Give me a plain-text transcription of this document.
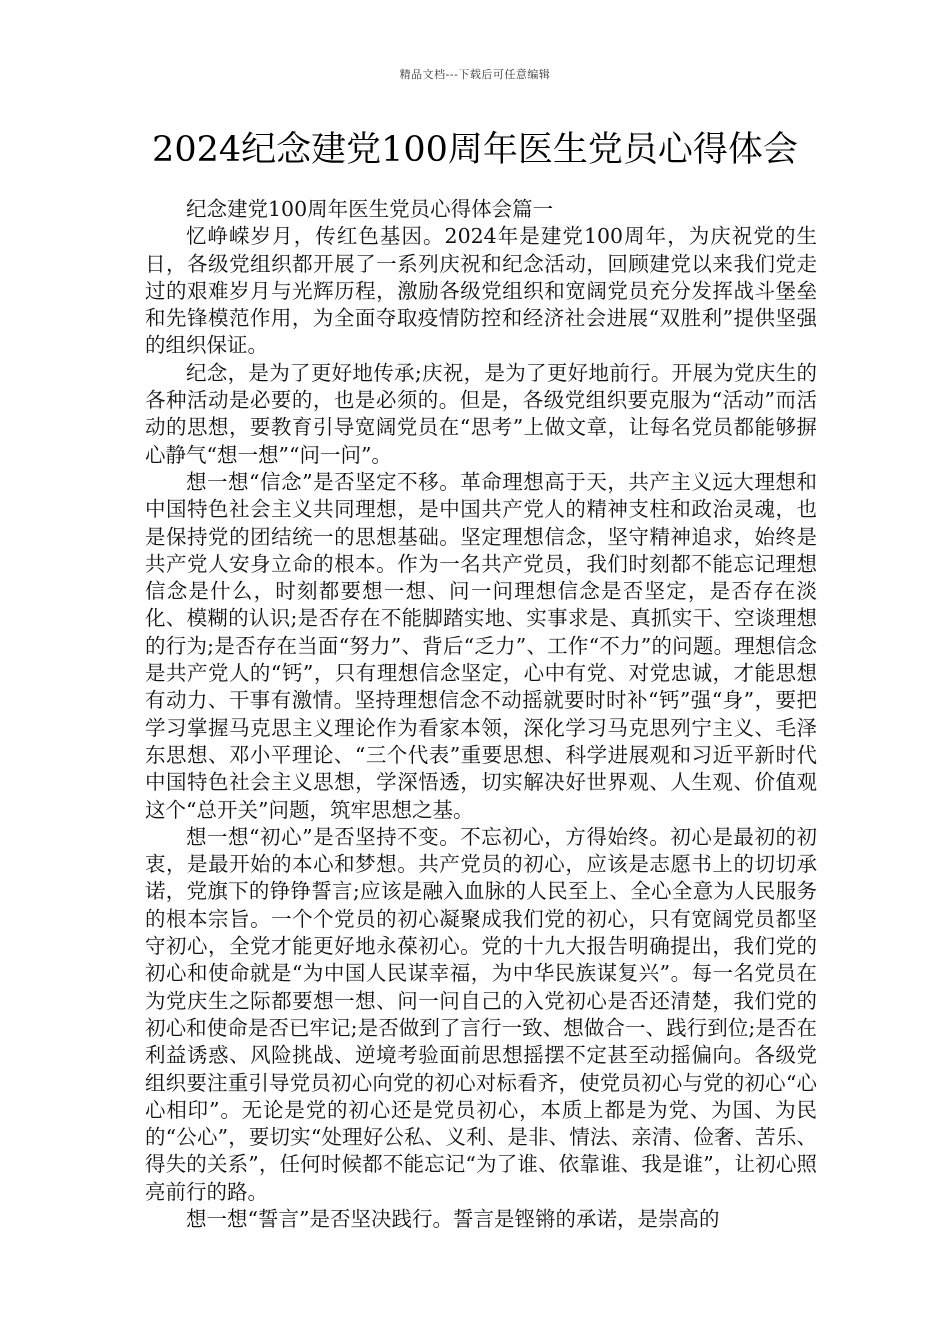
精品文档---下载后可任意编辑
2024纪念建党100周年医生党员心得体会

纪念建党100周年医生党员心得体会篇一

忆峥嵘岁月，传红色基因。2024年是建党100周年，为庆祝党的生日，各级党组织都开展了一系列庆祝和纪念活动，回顾建党以来我们党走过的艰难岁月与光辉历程，激励各级党组织和宽阔党员充分发挥战斗堡垒和先锋模范作用，为全面夺取疫情防控和经济社会进展“双胜利”提供坚强的组织保证。

纪念，是为了更好地传承;庆祝，是为了更好地前行。开展为党庆生的各种活动是必要的，也是必须的。但是，各级党组织要克服为“活动”而活动的思想，要教育引导宽阔党员在“思考”上做文章，让每名党员都能够摒心静气“想一想”“问一问”。

想一想“信念”是否坚定不移。革命理想高于天，共产主义远大理想和中国特色社会主义共同理想，是中国共产党人的精神支柱和政治灵魂，也是保持党的团结统一的思想基础。坚定理想信念，坚守精神追求，始终是共产党人安身立命的根本。作为一名共产党员，我们时刻都不能忘记理想信念是什么，时刻都要想一想、问一问理想信念是否坚定，是否存在淡化、模糊的认识;是否存在不能脚踏实地、实事求是、真抓实干、空谈理想的行为;是否存在当面“努力”、背后“乏力”、工作“不力”的问题。理想信念是共产党人的“钙”，只有理想信念坚定，心中有党、对党忠诚，才能思想有动力、干事有激情。坚持理想信念不动摇就要时时补“钙”强“身”，要把学习掌握马克思主义理论作为看家本领，深化学习马克思列宁主义、毛泽东思想、邓小平理论、“三个代表”重要思想、科学进展观和习近平新时代中国特色社会主义思想，学深悟透，切实解决好世界观、人生观、价值观这个“总开关”问题，筑牢思想之基。

想一想“初心”是否坚持不变。不忘初心，方得始终。初心是最初的初衷，是最开始的本心和梦想。共产党员的初心，应该是志愿书上的切切承诺，党旗下的铮铮誓言;应该是融入血脉的人民至上、全心全意为人民服务的根本宗旨。一个个党员的初心凝聚成我们党的初心，只有宽阔党员都坚守初心，全党才能更好地永葆初心。党的十九大报告明确提出，我们党的初心和使命就是“为中国人民谋幸福，为中华民族谋复兴”。每一名党员在为党庆生之际都要想一想、问一问自己的入党初心是否还清楚，我们党的初心和使命是否已牢记;是否做到了言行一致、想做合一、践行到位;是否在利益诱惑、风险挑战、逆境考验面前思想摇摆不定甚至动摇偏向。各级党组织要注重引导党员初心向党的初心对标看齐，使党员初心与党的初心“心心相印”。无论是党的初心还是党员初心，本质上都是为党、为国、为民的“公心”，要切实“处理好公私、义利、是非、情法、亲清、俭奢、苦乐、得失的关系”，任何时候都不能忘记“为了谁、依靠谁、我是谁”，让初心照亮前行的路。

想一想“誓言”是否坚决践行。誓言是铿锵的承诺，是崇高的
